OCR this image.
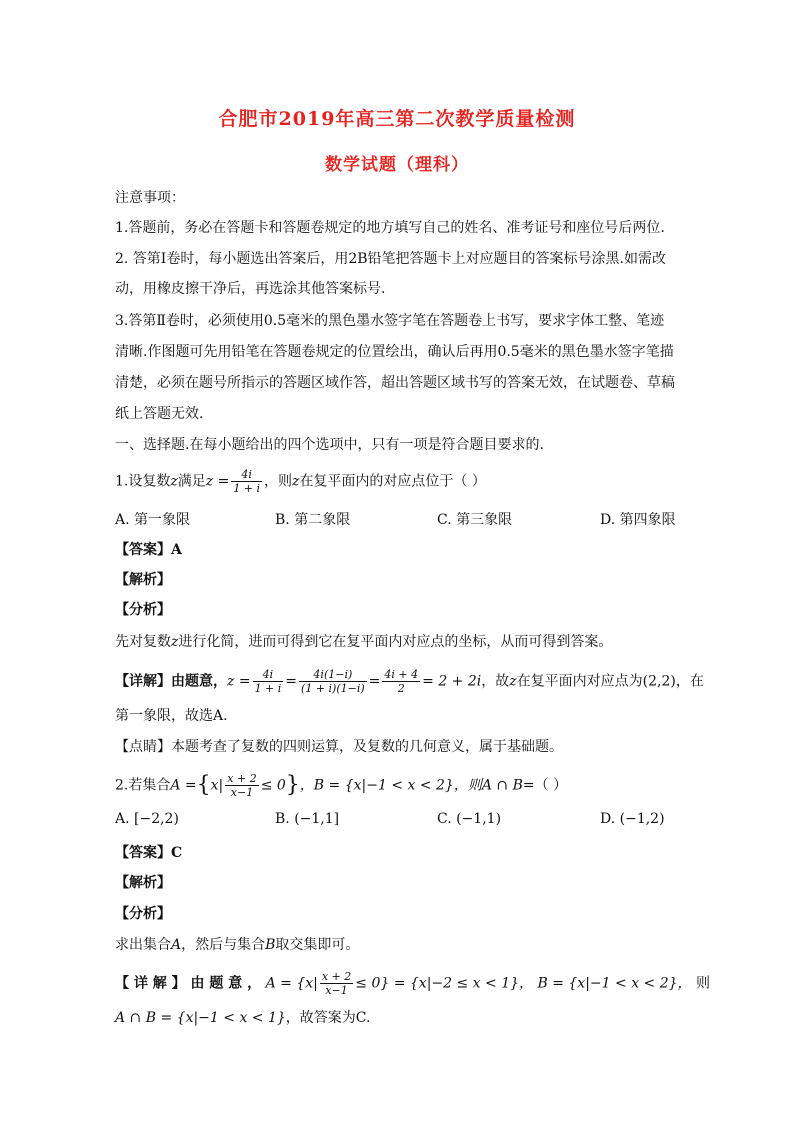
合肥市2019年高三第二次教学质量检测
数学试题（理科）
注意事项：
1.答题前，务必在答题卡和答题卷规定的地方填写自己的姓名、准考证号和座位号后两位.
2. 答第Ⅰ卷时，每小题选出答案后，用2B铅笔把答题卡上对应题目的答案标号涂黑.如需改
动，用橡皮擦干净后，再选涂其他答案标号.
3.答第Ⅱ卷时，必须使用0.5毫米的黑色墨水签字笔在答题卷上书写，要求字体工整、笔迹
清晰.作图题可先用铅笔在答题卷规定的位置绘出，确认后再用0.5毫米的黑色墨水签字笔描
清楚，必须在题号所指示的答题区域作答，超出答题区域书写的答案无效，在试题卷、草稿
纸上答题无效.
一、选择题.在每小题给出的四个选项中，只有一项是符合题目要求的.
1.设复数z满足$z = \frac{4i}{1 + i}$ ，则z在复平面内的对应点位于（ ）
A. 第一象限	B. 第二象限	C. 第三象限	D. 第四象限
【答案】A
【解析】
【分析】
先对复数z进行化简，进而可得到它在复平面内对应点的坐标，从而可得到答案。
【详解】由题意，$z = \frac{4i}{1 + i} = \frac{4i(1-i)}{(1 + i)(1-i)} = \frac{4i + 4}{2} = 2 + 2i$，故z在复平面内对应点为(2,2)，在
第一象限，故选A.
【点睛】本题考查了复数的四则运算，及复数的几何意义，属于基础题。
2.若集合$A =\{x| \frac{x + 2}{x-1} \le 0\}$，B = {x|−1 < x < 2}，则A ∩ B=（ ）
A. [−2,2)	B. (−1,1]	C. (−1,1)	D. (−1,2)
【答案】C
【解析】
【分析】
求出集合A，然后与集合B取交集即可。
【 详 解 】 由 题 意 ， $A = \{x| \frac{x + 2}{x-1} \le 0\} = \{x|-2 \le x < 1\}$， B = {x|−1 < x < 2}， 则
A ∩ B = {x|−1 < x < 1}，故答案为C.
